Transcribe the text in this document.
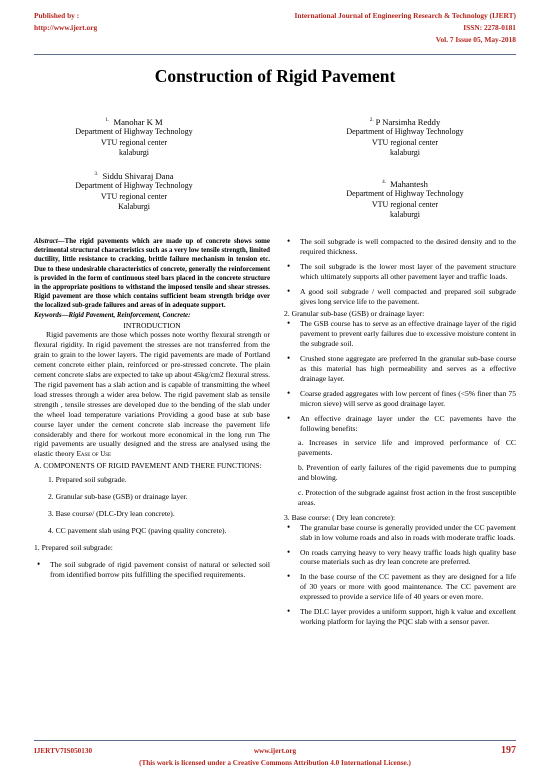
Published by :
http://www.ijert.org
International Journal of Engineering Research & Technology (IJERT)
ISSN: 2278-0181
Vol. 7 Issue 05, May-2018
Construction of Rigid Pavement
$^{1.}$ Manohar K M
Department of Highway Technology
VTU regional center
kalaburgi
$^{2.}$ P Narsimha Reddy
Department of Highway Technology
VTU regional center
kalaburgi
$^{3.}$ Siddu Shivaraj Dana
Department of Highway Technology
VTU regional center
Kalaburgi
$^{4.}$ Mahantesh
Department of Highway Technology
VTU regional center
kalaburgi

Abstract—The rigid pavements which are made up of concrete shows some detrimental structural characteristics such as a very low tensile strength, limited ductility, little resistance to cracking, brittle failure mechanism in tension etc. Due to these undesirable characteristics of concrete, generally the reinforcement is provided in the form of continuous steel bars placed in the concrete structure in the appropriate positions to withstand the imposed tensile and shear stresses. Rigid pavement are those which contains sufficient beam strength bridge over the localized sub-grade failures and areas of in adequate support.

Keywords—Rigid Pavement, Reinforcement, Concrete:

INTRODUCTION

Rigid pavements are those which posses note worthy flexural strength or flexural rigidity. In rigid pavement the stresses are not transferred from the grain to grain to the lower layers. The rigid pavements are made of Portland cement concrete either plain, reinforced or pre-stressed concrete. The plain cement concrete slabs are expected to take up about 45kg/cm2 flexural stress. The rigid pavement has a slab action and is capable of transmitting the wheel load stresses through a wider area below. The rigid pavement slab as tensile strength , tensile stresses are developed due to the bending of the slab under the wheel load temperature variations Providing a good base at sub base course layer under the cement concrete slab increase the pavement life considerably and there for workout more economical in the long run The rigid pavements are usually designed and the stress are analysed using the elastic theory Ease of Use

A. COMPONENTS OF RIGID PAVEMENT AND THERE FUNCTIONS:

1. Prepared soil subgrade.

2. Granular sub-base (GSB) or drainage layer.

3. Base course/ (DLC-Dry lean concrete).

4. CC pavement slab using PQC (paving quality concrete).

1. Prepared soil subgrade:

• The soil subgrade of rigid pavement consist of natural or selected soil from identified borrow pits fulfilling the specified requirements.

• The soil subgrade is well compacted to the desired density and to the required thickness.

• The soil subgrade is the lower most layer of the pavement structure which ultimately supports all other pavement layer and traffic loads.

• A good soil subgrade / well compacted and prepared soil subgrade gives long service life to the pavement.

2. Granular sub-base (GSB) or drainage layer:

• The GSB course has to serve as an effective drainage layer of the rigid pavement to prevent early failures due to excessive moisture content in the subgrade soil.

• Crushed stone aggregate are preferred In the granular sub-base course as this material has high permeability and serves as a effective drainage layer.

• Coarse graded aggregates with low percent of fines (<5% finer than 75 micron sieve) will serve as good drainage layer.

• An effective drainage layer under the CC pavements have the following benefits:

a. Increases in service life and improved performance of CC pavements.

b. Prevention of early failures of the rigid pavements due to pumping and blowing.

c. Protection of the subgrade against frost action in the frost susceptible areas.

3. Base course: ( Dry lean concrete):

• The granular base course is generally provided under the CC pavement slab in low volume roads and also in roads with moderate traffic loads.

• On roads carrying heavy to very heavy traffic loads high quality base course materials such as dry lean concrete are preferred.

• In the base course of the CC pavement as they are designed for a life of 30 years or more with good maintenance. The CC pavement are expressed to provide a service life of 40 years or even more.

• The DLC layer provides a uniform support, high k value and excellent working platform for laying the PQC slab with a sensor paver.

IJERTV7IS050130	www.ijert.org
(This work is licensed under a Creative Commons Attribution 4.0 International License.)
197
